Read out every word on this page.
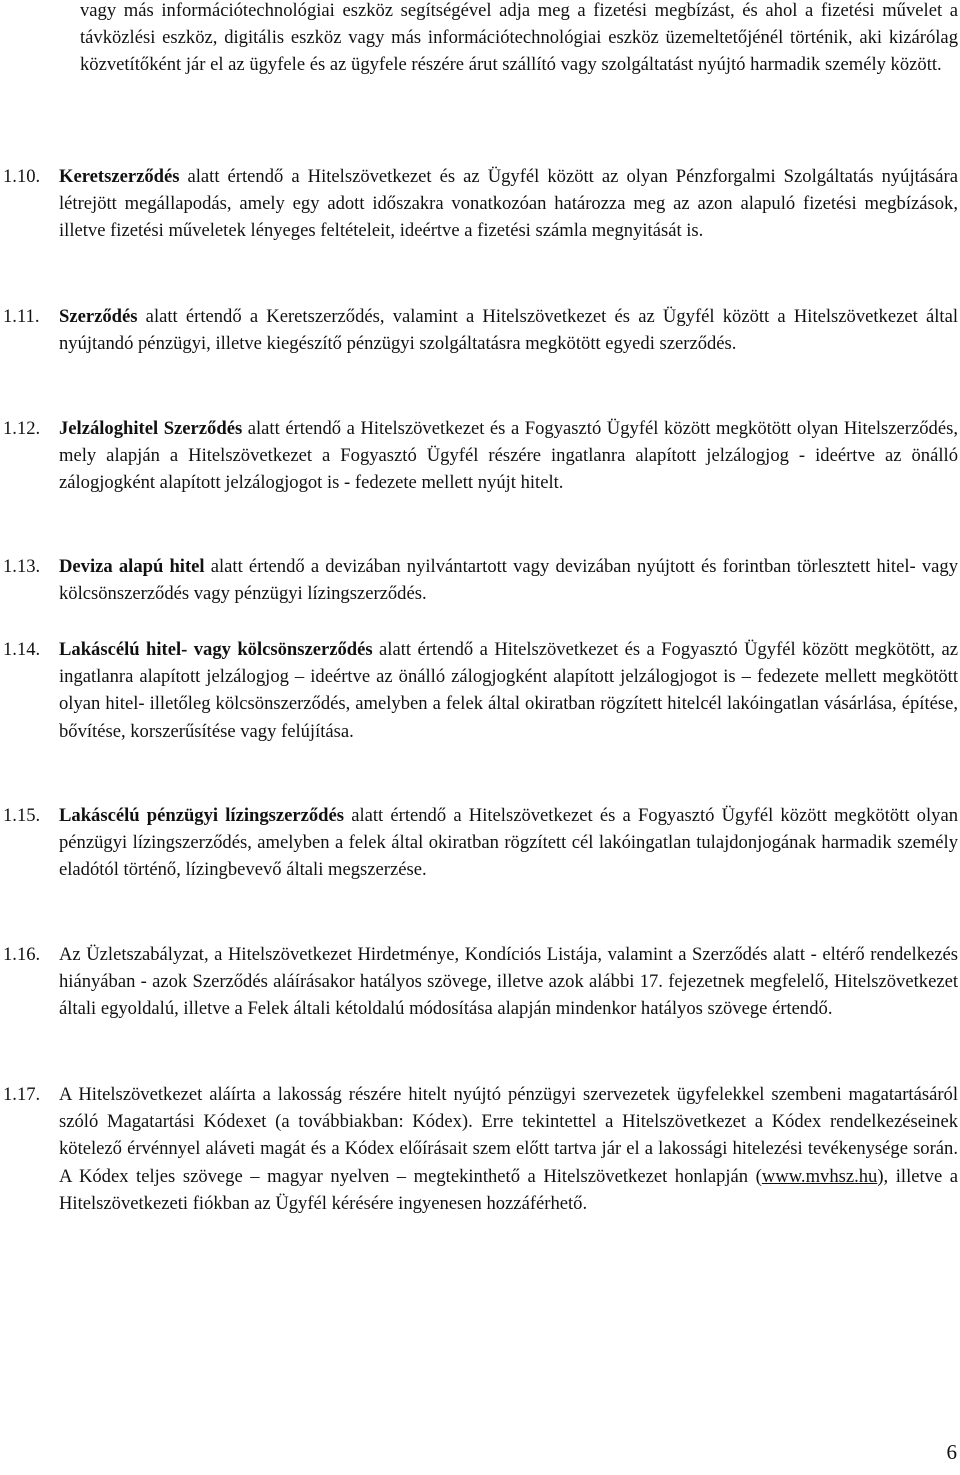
vagy más információtechnológiai eszköz segítségével adja meg a fizetési megbízást, és ahol a fizetési művelet a távközlési eszköz, digitális eszköz vagy más információtechnológiai eszköz üzemeltetőjénél történik, aki kizárólag közvetítőként jár el az ügyfele és az ügyfele részére árut szállító vagy szolgáltatást nyújtó harmadik személy között.
1.10. Keretszerződés alatt értendő a Hitelszövetkezet és az Ügyfél között az olyan Pénzforgalmi Szolgáltatás nyújtására létrejött megállapodás, amely egy adott időszakra vonatkozóan határozza meg az azon alapuló fizetési megbízások, illetve fizetési műveletek lényeges feltételeit, ideértve a fizetési számla megnyitását is.
1.11. Szerződés alatt értendő a Keretszerződés, valamint a Hitelszövetkezet és az Ügyfél között a Hitelszövetkezet által nyújtandó pénzügyi, illetve kiegészítő pénzügyi szolgáltatásra megkötött egyedi szerződés.
1.12. Jelzáloghitel Szerződés alatt értendő a Hitelszövetkezet és a Fogyasztó Ügyfél között megkötött olyan Hitelszerződés, mely alapján a Hitelszövetkezet a Fogyasztó Ügyfél részére ingatlanra alapított jelzálogjog - ideértve az önálló zálogjogként alapított jelzálogjogot is - fedezete mellett nyújt hitelt.
1.13. Deviza alapú hitel alatt értendő a devizában nyilvántartott vagy devizában nyújtott és forintban törlesztett hitel- vagy kölcsönszerződés vagy pénzügyi lízingszerződés.
1.14. Lakáscélú hitel- vagy kölcsönszerződés alatt értendő a Hitelszövetkezet és a Fogyasztó Ügyfél között megkötött, az ingatlanra alapított jelzálogjog – ideértve az önálló zálogjogként alapított jelzálogjogot is – fedezete mellett megkötött olyan hitel- illetőleg kölcsönszerződés, amelyben a felek által okiratban rögzített hitelcél lakóingatlan vásárlása, építése, bővítése, korszerűsítése vagy felújítása.
1.15. Lakáscélú pénzügyi lízingszerződés alatt értendő a Hitelszövetkezet és a Fogyasztó Ügyfél között megkötött olyan pénzügyi lízingszerződés, amelyben a felek által okiratban rögzített cél lakóingatlan tulajdonjogának harmadik személy eladótól történő, lízingbevevő általi megszerzése.
1.16. Az Üzletszabályzat, a Hitelszövetkezet Hirdetménye, Kondíciós Listája, valamint a Szerződés alatt - eltérő rendelkezés hiányában - azok Szerződés aláírásakor hatályos szövege, illetve azok alábbi 17. fejezetnek megfelelő, Hitelszövetkezet általi egyoldalú, illetve a Felek általi kétoldalú módosítása alapján mindenkor hatályos szövege értendő.
1.17. A Hitelszövetkezet aláírta a lakosság részére hitelt nyújtó pénzügyi szervezetek ügyfelekkel szembeni magatartásáról szóló Magatartási Kódexet (a továbbiakban: Kódex). Erre tekintettel a Hitelszövetkezet a Kódex rendelkezéseinek kötelező érvénnyel aláveti magát és a Kódex előírásait szem előtt tartva jár el a lakossági hitelezési tevékenysége során. A Kódex teljes szövege – magyar nyelven – megtekinthető a Hitelszövetkezet honlapján (www.mvhsz.hu), illetve a Hitelszövetkezeti fiókban az Ügyfél kérésére ingyenesen hozzáférhető.
6
